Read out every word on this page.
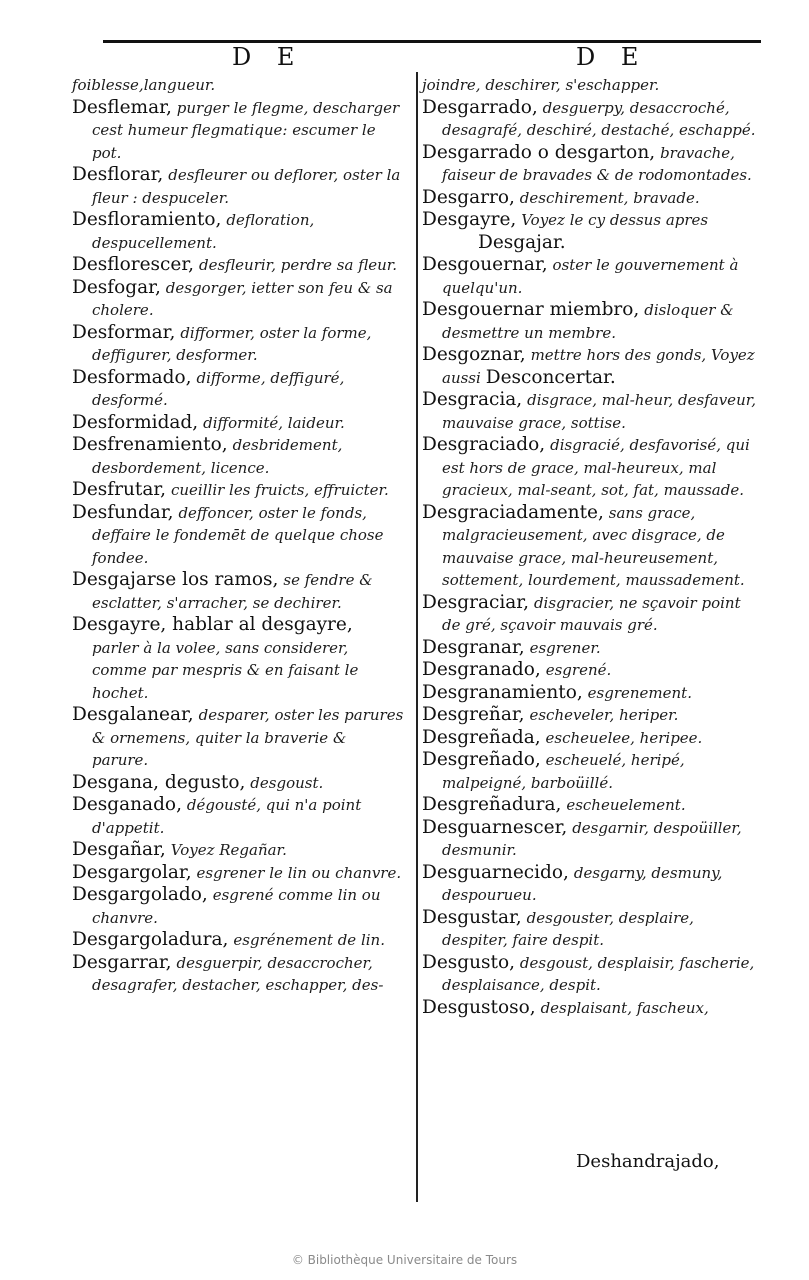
D E	D E
foiblesse,langueur.
Desflemar, purger le flegme, descharger cest humeur flegmatique: escumer le pot.
Desflorar, desfleurer ou deflorer, oster la fleur : despuceler.
Desfloramiento, defloration, despucellement.
Desflorescer, desfleurir, perdre sa fleur.
Desfogar, desgorger, ietter son feu & sa cholere.
Desformar, difformer, oster la forme, deffigurer, desformer.
Desformado, difforme, deffiguré, desformé.
Desformidad, difformité, laideur.
Desfrenamiento, desbridement, desbordement, licence.
Desfrutar, cueillir les fruicts, effruicter.
Desfundar, deffoncer, oster le fonds, deffaire le fondemēt de quelque chose fondee.
Desgajarse los ramos, se fendre & esclatter, s'arracher, se dechirer.
Desgayre, hablar al desgayre, parler à la volee, sans considerer, comme par mespris & en faisant le hochet.
Desgalanear, desparer, oster les parures & ornemens, quiter la braverie & parure.
Desgana, degusto, desgoust.
Desganado, dégousté, qui n'a point d'appetit.
Desgañar, Voyez Regañar.
Desgargolar, esgrener le lin ou chanvre.
Desgargolado, esgrené comme lin ou chanvre.
Desgargoladura, esgrénement de lin.
Desgarrar, desguerpir, desaccrocher, desagrafer, destacher, eschapper, des-
joindre, deschirer, s'eschapper.
Desgarrado, desguerpy, desaccroché, desagrafé, deschiré, destaché, eschappé.
Desgarrado o desgarton, bravache, faiseur de bravades & de rodomontades.
Desgarro, deschirement, bravade.
Desgayre, Voyez le cy dessus apres
Desgajar.
Desgouernar, oster le gouvernement à quelqu'un.
Desgouernar miembro, disloquer & desmettre un membre.
Desgoznar, mettre hors des gonds, Voyez aussi Desconcertar.
Desgracia, disgrace, mal-heur, desfaveur, mauvaise grace, sottise.
Desgraciado, disgracié, desfavorisé, qui est hors de grace, mal-heureux, mal gracieux, mal-seant, sot, fat, maussade.
Desgraciadamente, sans grace, malgracieusement, avec disgrace, de mauvaise grace, mal-heureusement, sottement, lourdement, maussadement.
Desgraciar, disgracier, ne sçavoir point de gré, sçavoir mauvais gré.
Desgranar, esgrener.
Desgranado, esgrené.
Desgranamiento, esgrenement.
Desgreñar, escheveler, heriper.
Desgreñada, escheuelee, heripee.
Desgreñado, escheuelé, heripé, malpeigné, barboüillé.
Desgreñadura, escheuelement.
Desguarnescer, desgarnir, despoüiller, desmunir.
Desguarnecido, desgarny, desmuny, despourueu.
Desgustar, desgouster, desplaire, despiter, faire despit.
Desgusto, desgoust, desplaisir, fascherie, desplaisance, despit.
Desgustoso, desplaisant, fascheux,
Deshandrajado,
© Bibliothèque Universitaire de Tours
